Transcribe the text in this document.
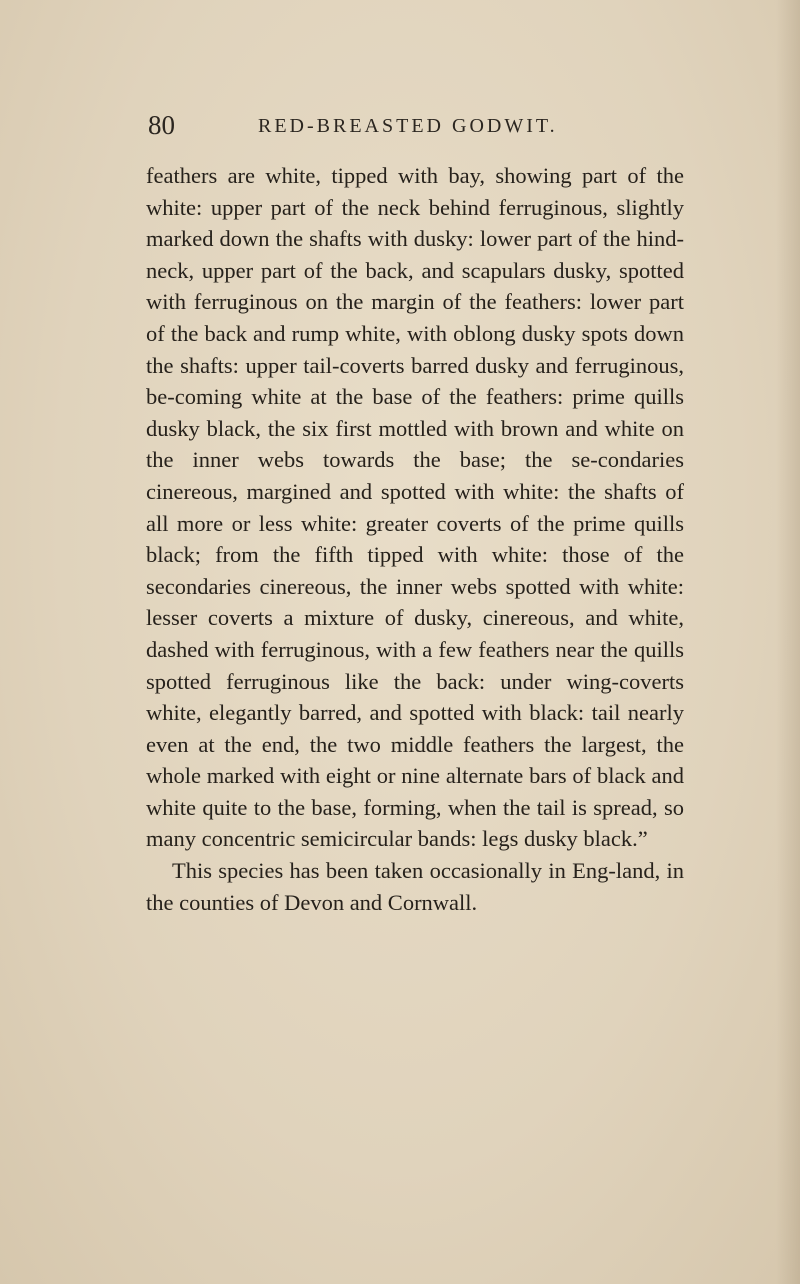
80	RED-BREASTED GODWIT.

feathers are white, tipped with bay, showing part of the white: upper part of the neck behind ferruginous, slightly marked down the shafts with dusky: lower part of the hind-neck, upper part of the back, and scapulars dusky, spotted with ferruginous on the margin of the feathers: lower part of the back and rump white, with oblong dusky spots down the shafts: upper tail-coverts barred dusky and ferruginous, be-coming white at the base of the feathers: prime quills dusky black, the six first mottled with brown and white on the inner webs towards the base; the se-condaries cinereous, margined and spotted with white: the shafts of all more or less white: greater coverts of the prime quills black; from the fifth tipped with white: those of the secondaries cinereous, the inner webs spotted with white: lesser coverts a mixture of dusky, cinereous, and white, dashed with ferruginous, with a few feathers near the quills spotted ferruginous like the back: under wing-coverts white, elegantly barred, and spotted with black: tail nearly even at the end, the two middle feathers the largest, the whole marked with eight or nine alternate bars of black and white quite to the base, forming, when the tail is spread, so many concentric semicircular bands: legs dusky black.”

This species has been taken occasionally in Eng-land, in the counties of Devon and Cornwall.
